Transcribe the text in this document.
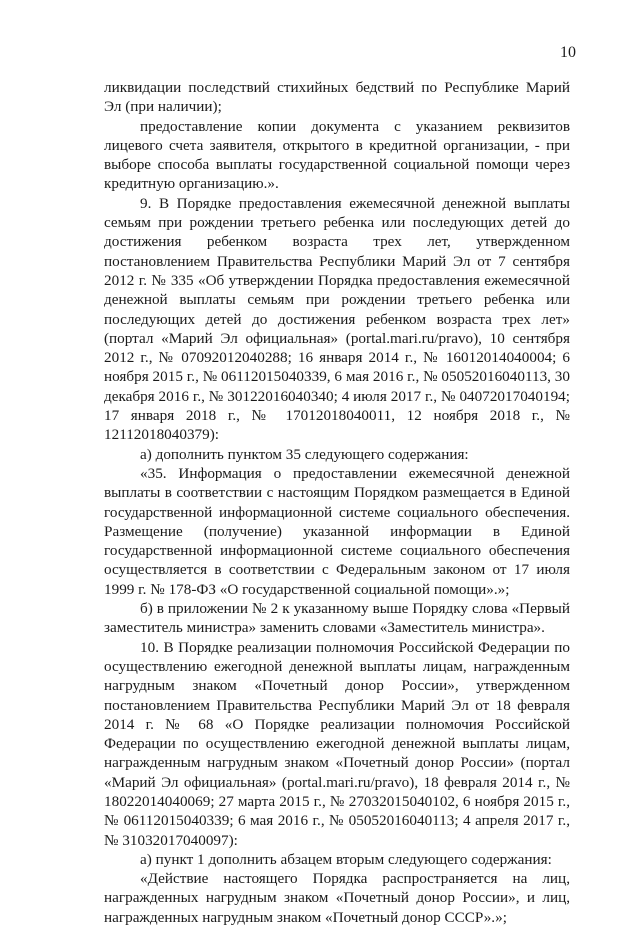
10

ликвидации последствий стихийных бедствий по Республике Марий Эл (при наличии);

предоставление копии документа с указанием реквизитов лицевого счета заявителя, открытого в кредитной организации, - при выборе способа выплаты государственной социальной помощи через кредитную организацию.».

9. В Порядке предоставления ежемесячной денежной выплаты семьям при рождении третьего ребенка или последующих детей до достижения ребенком возраста трех лет, утвержденном постановлением Правительства Республики Марий Эл от 7 сентября 2012 г. № 335 «Об утверждении Порядка предоставления ежемесячной денежной выплаты семьям при рождении третьего ребенка или последующих детей до достижения ребенком возраста трех лет» (портал «Марий Эл официальная» (portal.mari.ru/pravo), 10 сентября 2012 г., № 07092012040288; 16 января 2014 г., № 16012014040004; 6 ноября 2015 г., № 06112015040339, 6 мая 2016 г., № 05052016040113, 30 декабря 2016 г., № 30122016040340; 4 июля 2017 г., № 04072017040194; 17 января 2018 г., № 17012018040011, 12 ноября 2018 г., № 12112018040379):

а) дополнить пунктом 35 следующего содержания:

«35. Информация о предоставлении ежемесячной денежной выплаты в соответствии с настоящим Порядком размещается в Единой государственной информационной системе социального обеспечения. Размещение (получение) указанной информации в Единой государственной информационной системе социального обеспечения осуществляется в соответствии с Федеральным законом от 17 июля 1999 г. № 178-ФЗ «О государственной социальной помощи».»;

б) в приложении № 2 к указанному выше Порядку слова «Первый заместитель министра» заменить словами «Заместитель министра».

10. В Порядке реализации полномочия Российской Федерации по осуществлению ежегодной денежной выплаты лицам, награжденным нагрудным знаком «Почетный донор России», утвержденном постановлением Правительства Республики Марий Эл от 18 февраля 2014 г. № 68 «О Порядке реализации полномочия Российской Федерации по осуществлению ежегодной денежной выплаты лицам, награжденным нагрудным знаком «Почетный донор России» (портал «Марий Эл официальная» (portal.mari.ru/pravo), 18 февраля 2014 г., № 18022014040069; 27 марта 2015 г., № 27032015040102, 6 ноября 2015 г., № 06112015040339; 6 мая 2016 г., № 05052016040113; 4 апреля 2017 г., № 31032017040097):

а) пункт 1 дополнить абзацем вторым следующего содержания:

«Действие настоящего Порядка распространяется на лиц, награжденных нагрудным знаком «Почетный донор России», и лиц, награжденных нагрудным знаком «Почетный донор СССР».»;
